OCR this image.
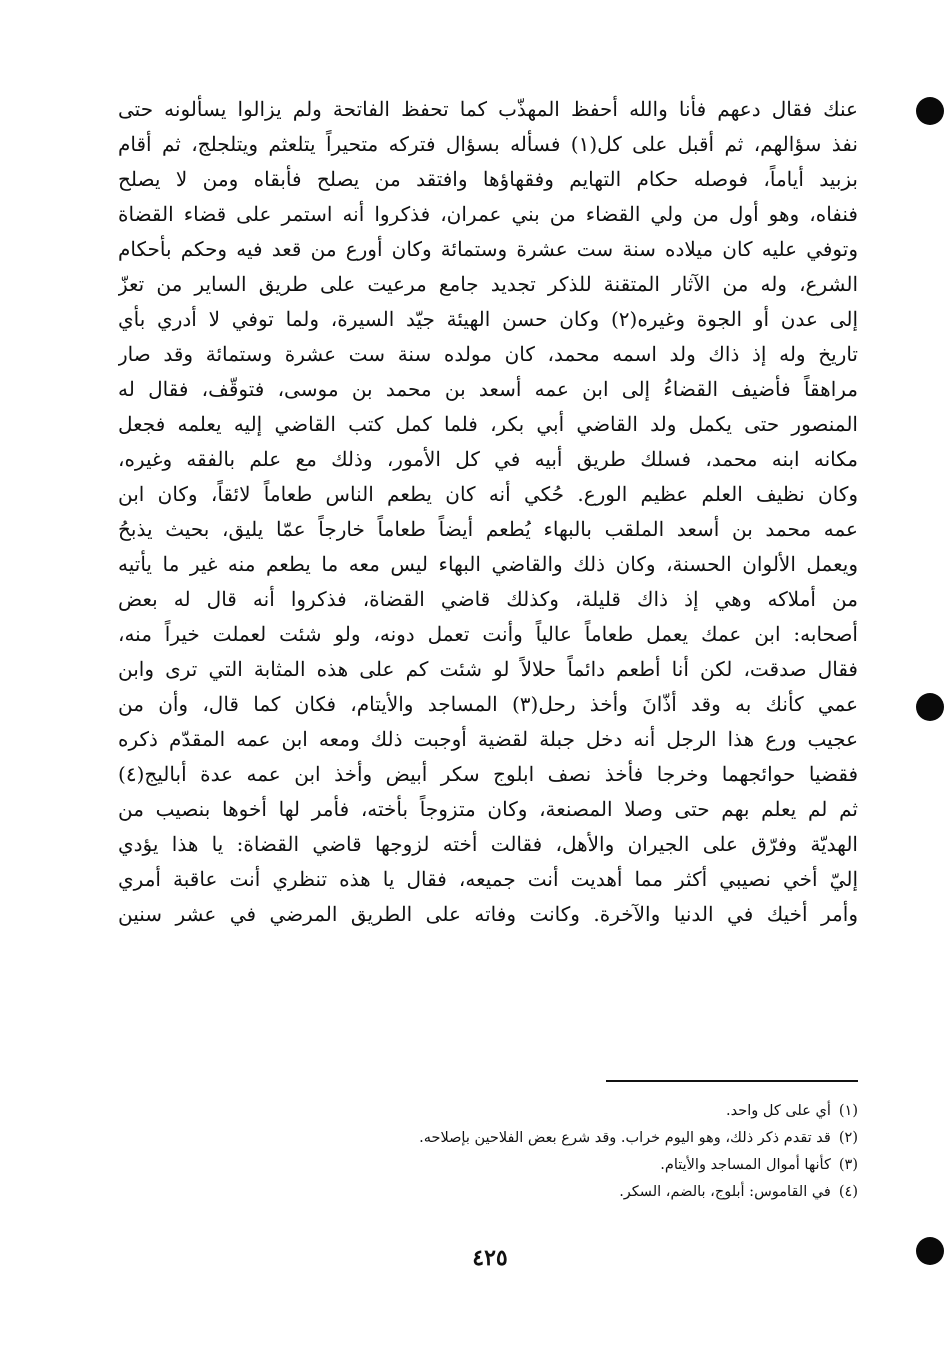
عنك فقال دعهم فأنا والله أحفظ المهذّب كما تحفظ الفاتحة ولم يزالوا يسألونه حتى
نفذ سؤالهم، ثم أقبل على كل(١) فسأله بسؤال فتركه متحيراً يتلعثم ويتلجلج، ثم أقام
بزبيد أياماً، فوصله حكام التهايم وفقهاؤها وافتقد من يصلح فأبقاه ومن لا يصلح
فنفاه، وهو أول من ولي القضاء من بني عمران، فذكروا أنه استمر على قضاء القضاة
وتوفي عليه كان ميلاده سنة ست عشرة وستمائة وكان أورع من قعد فيه وحكم بأحكام
الشرع، وله من الآثار المتقنة للذكر تجديد جامع مرعيت على طريق الساير من تعزّ
إلى عدن أو الجوة وغيره(٢) وكان حسن الهيئة جيّد السيرة، ولما توفي لا أدري بأي
تاريخ وله إذ ذاك ولد اسمه محمد، كان مولده سنة ست عشرة وستمائة وقد صار
مراهقاً فأضيف القضاءُ إلى ابن عمه أسعد بن محمد بن موسى، فتوقّف، فقال له
المنصور حتى يكمل ولد القاضي أبي بكر، فلما كمل كتب القاضي إليه يعلمه فجعل
مكانه ابنه محمد، فسلك طريق أبيه في كل الأمور، وذلك مع علم بالفقه وغيره،
وكان نظيف العلم عظيم الورع. حُكي أنه كان يطعم الناس طعاماً لائقاً، وكان ابن
عمه محمد بن أسعد الملقب بالبهاء يُطعم أيضاً طعاماً خارجاً عمّا يليق، بحيث يذبحُ
ويعمل الألوان الحسنة، وكان ذلك والقاضي البهاء ليس معه ما يطعم منه غير ما يأتيه
من أملاكه وهي إذ ذاك قليلة، وكذلك قاضي القضاة، فذكروا أنه قال له بعض
أصحابه: ابن عمك يعمل طعاماً عالياً وأنت تعمل دونه، ولو شئت لعملت خيراً منه،
فقال صدقت، لكن أنا أطعم دائماً حلالاً لو شئت كم على هذه المثابة التي ترى وابن
عمي كأنك به وقد أذّانَ وأخذ رحل(٣) المساجد والأيتام، فكان كما قال، وأن من
عجيب ورع هذا الرجل أنه دخل جبلة لقضية أوجبت ذلك ومعه ابن عمه المقدّم ذكره
فقضيا حوائجهما وخرجا فأخذ نصف ابلوج سكر أبيض وأخذ ابن عمه عدة أباليج(٤)
ثم لم يعلم بهم حتى وصلا المصنعة، وكان متزوجاً بأخته، فأمر لها أخوها بنصيب من
الهديّة وفرّق على الجيران والأهل، فقالت أخته لزوجها قاضي القضاة: يا هذا يؤدي
إليّ أخي نصيبي أكثر مما أهديت أنت جميعه، فقال يا هذه تنظري أنت عاقبة أمري
وأمر أخيك في الدنيا والآخرة. وكانت وفاته على الطريق المرضي في عشر سنين
(١)أي على كل واحد.
(٢)قد تقدم ذكر ذلك، وهو اليوم خراب. وقد شرع بعض الفلاحين بإصلاحه.
(٣)كأنها أموال المساجد والأيتام.
(٤)في القاموس: أبلوج، بالضم، السكر.
٤٢٥
